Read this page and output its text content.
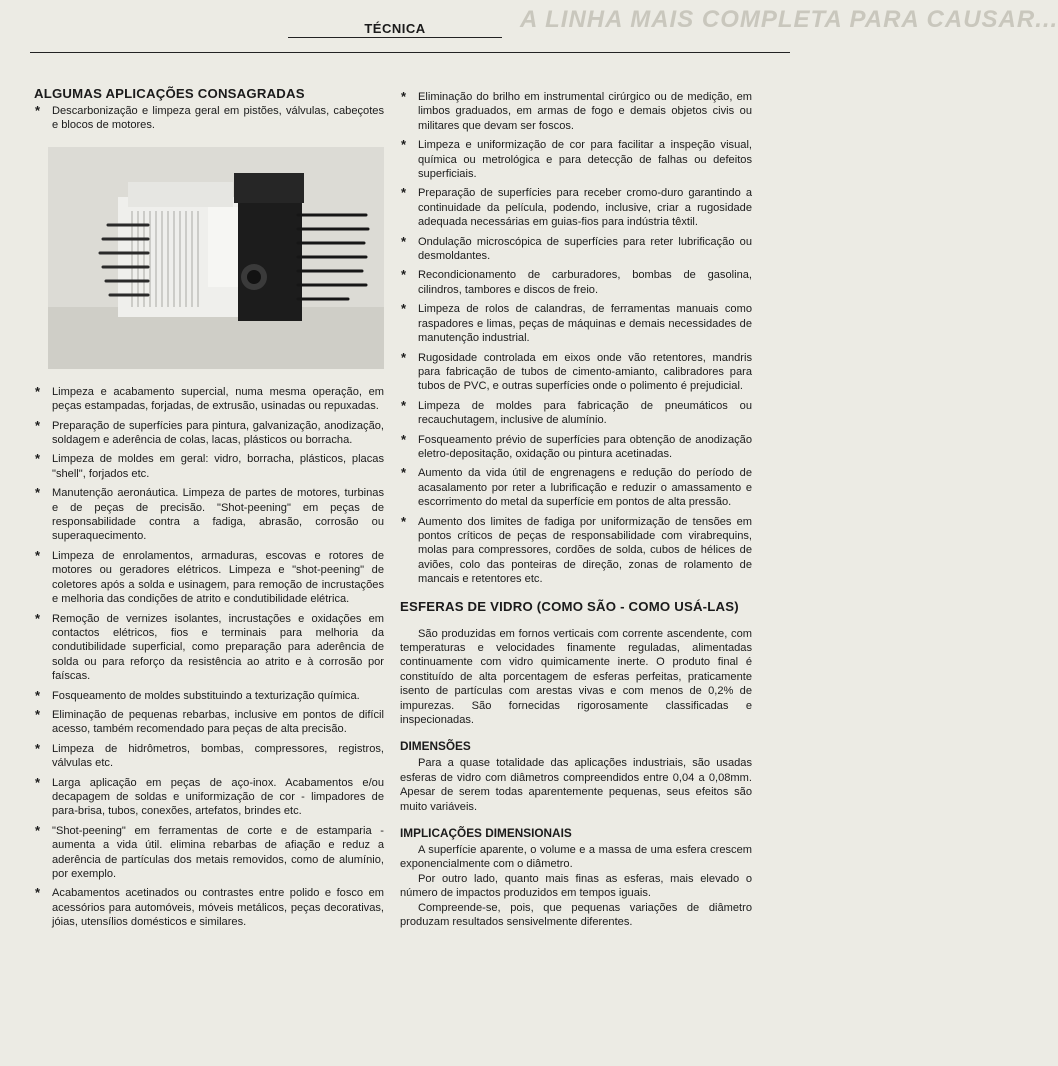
A LINHA MAIS COMPLETA PARA CAUSAR...
TÉCNICA
ALGUMAS APLICAÇÕES CONSAGRADAS
* Descarbonização e limpeza geral em pistões, válvulas, cabeçotes e blocos de motores.
* Limpeza e acabamento supercial, numa mesma operação, em peças estampadas, forjadas, de extrusão, usinadas ou repuxadas.
* Preparação de superfícies para pintura, galvanização, anodização, soldagem e aderência de colas, lacas, plásticos ou borracha.
* Limpeza de moldes em geral: vidro, borracha, plásticos, placas "shell", forjados etc.
* Manutenção aeronáutica. Limpeza de partes de motores, turbinas e de peças de precisão. "Shot-peening" em peças de responsabilidade contra a fadiga, abrasão, corrosão ou superaquecimento.
* Limpeza de enrolamentos, armaduras, escovas e rotores de motores ou geradores elétricos. Limpeza e "shot-peening" de coletores após a solda e usinagem, para remoção de incrustações e melhoria das condições de atrito e condutibilidade elétrica.
* Remoção de vernizes isolantes, incrustações e oxidações em contactos elétricos, fios e terminais para melhoria da condutibilidade superficial, como preparação para aderência de solda ou para reforço da resistência ao atrito e à corrosão por faíscas.
* Fosqueamento de moldes substituindo a texturização química.
* Eliminação de pequenas rebarbas, inclusive em pontos de difícil acesso, também recomendado para peças de alta precisão.
* Limpeza de hidrômetros, bombas, compressores, registros, válvulas etc.
* Larga aplicação em peças de aço-inox. Acabamentos e/ou decapagem de soldas e uniformização de cor - limpadores de para-brisa, tubos, conexões, artefatos, brindes etc.
* "Shot-peening" em ferramentas de corte e de estamparia - aumenta a vida útil. elimina rebarbas de afiação e reduz a aderência de partículas dos metais removidos, como de alumínio, por exemplo.
* Acabamentos acetinados ou contrastes entre polido e fosco em acessórios para automóveis, móveis metálicos, peças decorativas, jóias, utensílios domésticos e similares.
* Eliminação do brilho em instrumental cirúrgico ou de medição, em limbos graduados, em armas de fogo e demais objetos civis ou militares que devam ser foscos.
* Limpeza e uniformização de cor para facilitar a inspeção visual, química ou metrológica e para detecção de falhas ou defeitos superficiais.
* Preparação de superfícies para receber cromo-duro garantindo a continuidade da película, podendo, inclusive, criar a rugosidade adequada necessárias em guias-fios para indústria têxtil.
* Ondulação microscópica de superfícies para reter lubrificação ou desmoldantes.
* Recondicionamento de carburadores, bombas de gasolina, cilindros, tambores e discos de freio.
* Limpeza de rolos de calandras, de ferramentas manuais como raspadores e limas, peças de máquinas e demais necessidades de manutenção industrial.
* Rugosidade controlada em eixos onde vão retentores, mandris para fabricação de tubos de cimento-amianto, calibradores para tubos de PVC, e outras superfícies onde o polimento é prejudicial.
* Limpeza de moldes para fabricação de pneumáticos ou recauchutagem, inclusive de alumínio.
* Fosqueamento prévio de superfícies para obtenção de anodização eletro-depositação, oxidação ou pintura acetinadas.
* Aumento da vida útil de engrenagens e redução do período de acasalamento por reter a lubrificação e reduzir o amassamento e escorrimento do metal da superfície em pontos de alta pressão.
* Aumento dos limites de fadiga por uniformização de tensões em pontos críticos de peças de responsabilidade com virabrequins, molas para compressores, cordões de solda, cubos de hélices de aviões, colo das ponteiras de direção, zonas de rolamento de mancais e retentores etc.
ESFERAS DE VIDRO (COMO SÃO - COMO USÁ-LAS)

São produzidas em fornos verticais com corrente ascendente, com temperaturas e velocidades finamente reguladas, alimentadas continuamente com vidro quimicamente inerte. O produto final é constituído de alta porcentagem de esferas perfeitas, praticamente isento de partículas com arestas vivas e com menos de 0,2% de impurezas. São fornecidas rigorosamente classificadas e inspecionadas.

DIMENSÕES

Para a quase totalidade das aplicações industriais, são usadas esferas de vidro com diâmetros compreendidos entre 0,04 a 0,08mm. Apesar de serem todas aparentemente pequenas, seus efeitos são muito variáveis.

IMPLICAÇÕES DIMENSIONAIS

A superfície aparente, o volume e a massa de uma esfera crescem exponencialmente com o diâmetro.

Por outro lado, quanto mais finas as esferas, mais elevado o número de impactos produzidos em tempos iguais.

Compreende-se, pois, que pequenas variações de diâmetro produzam resultados sensivelmente diferentes.
